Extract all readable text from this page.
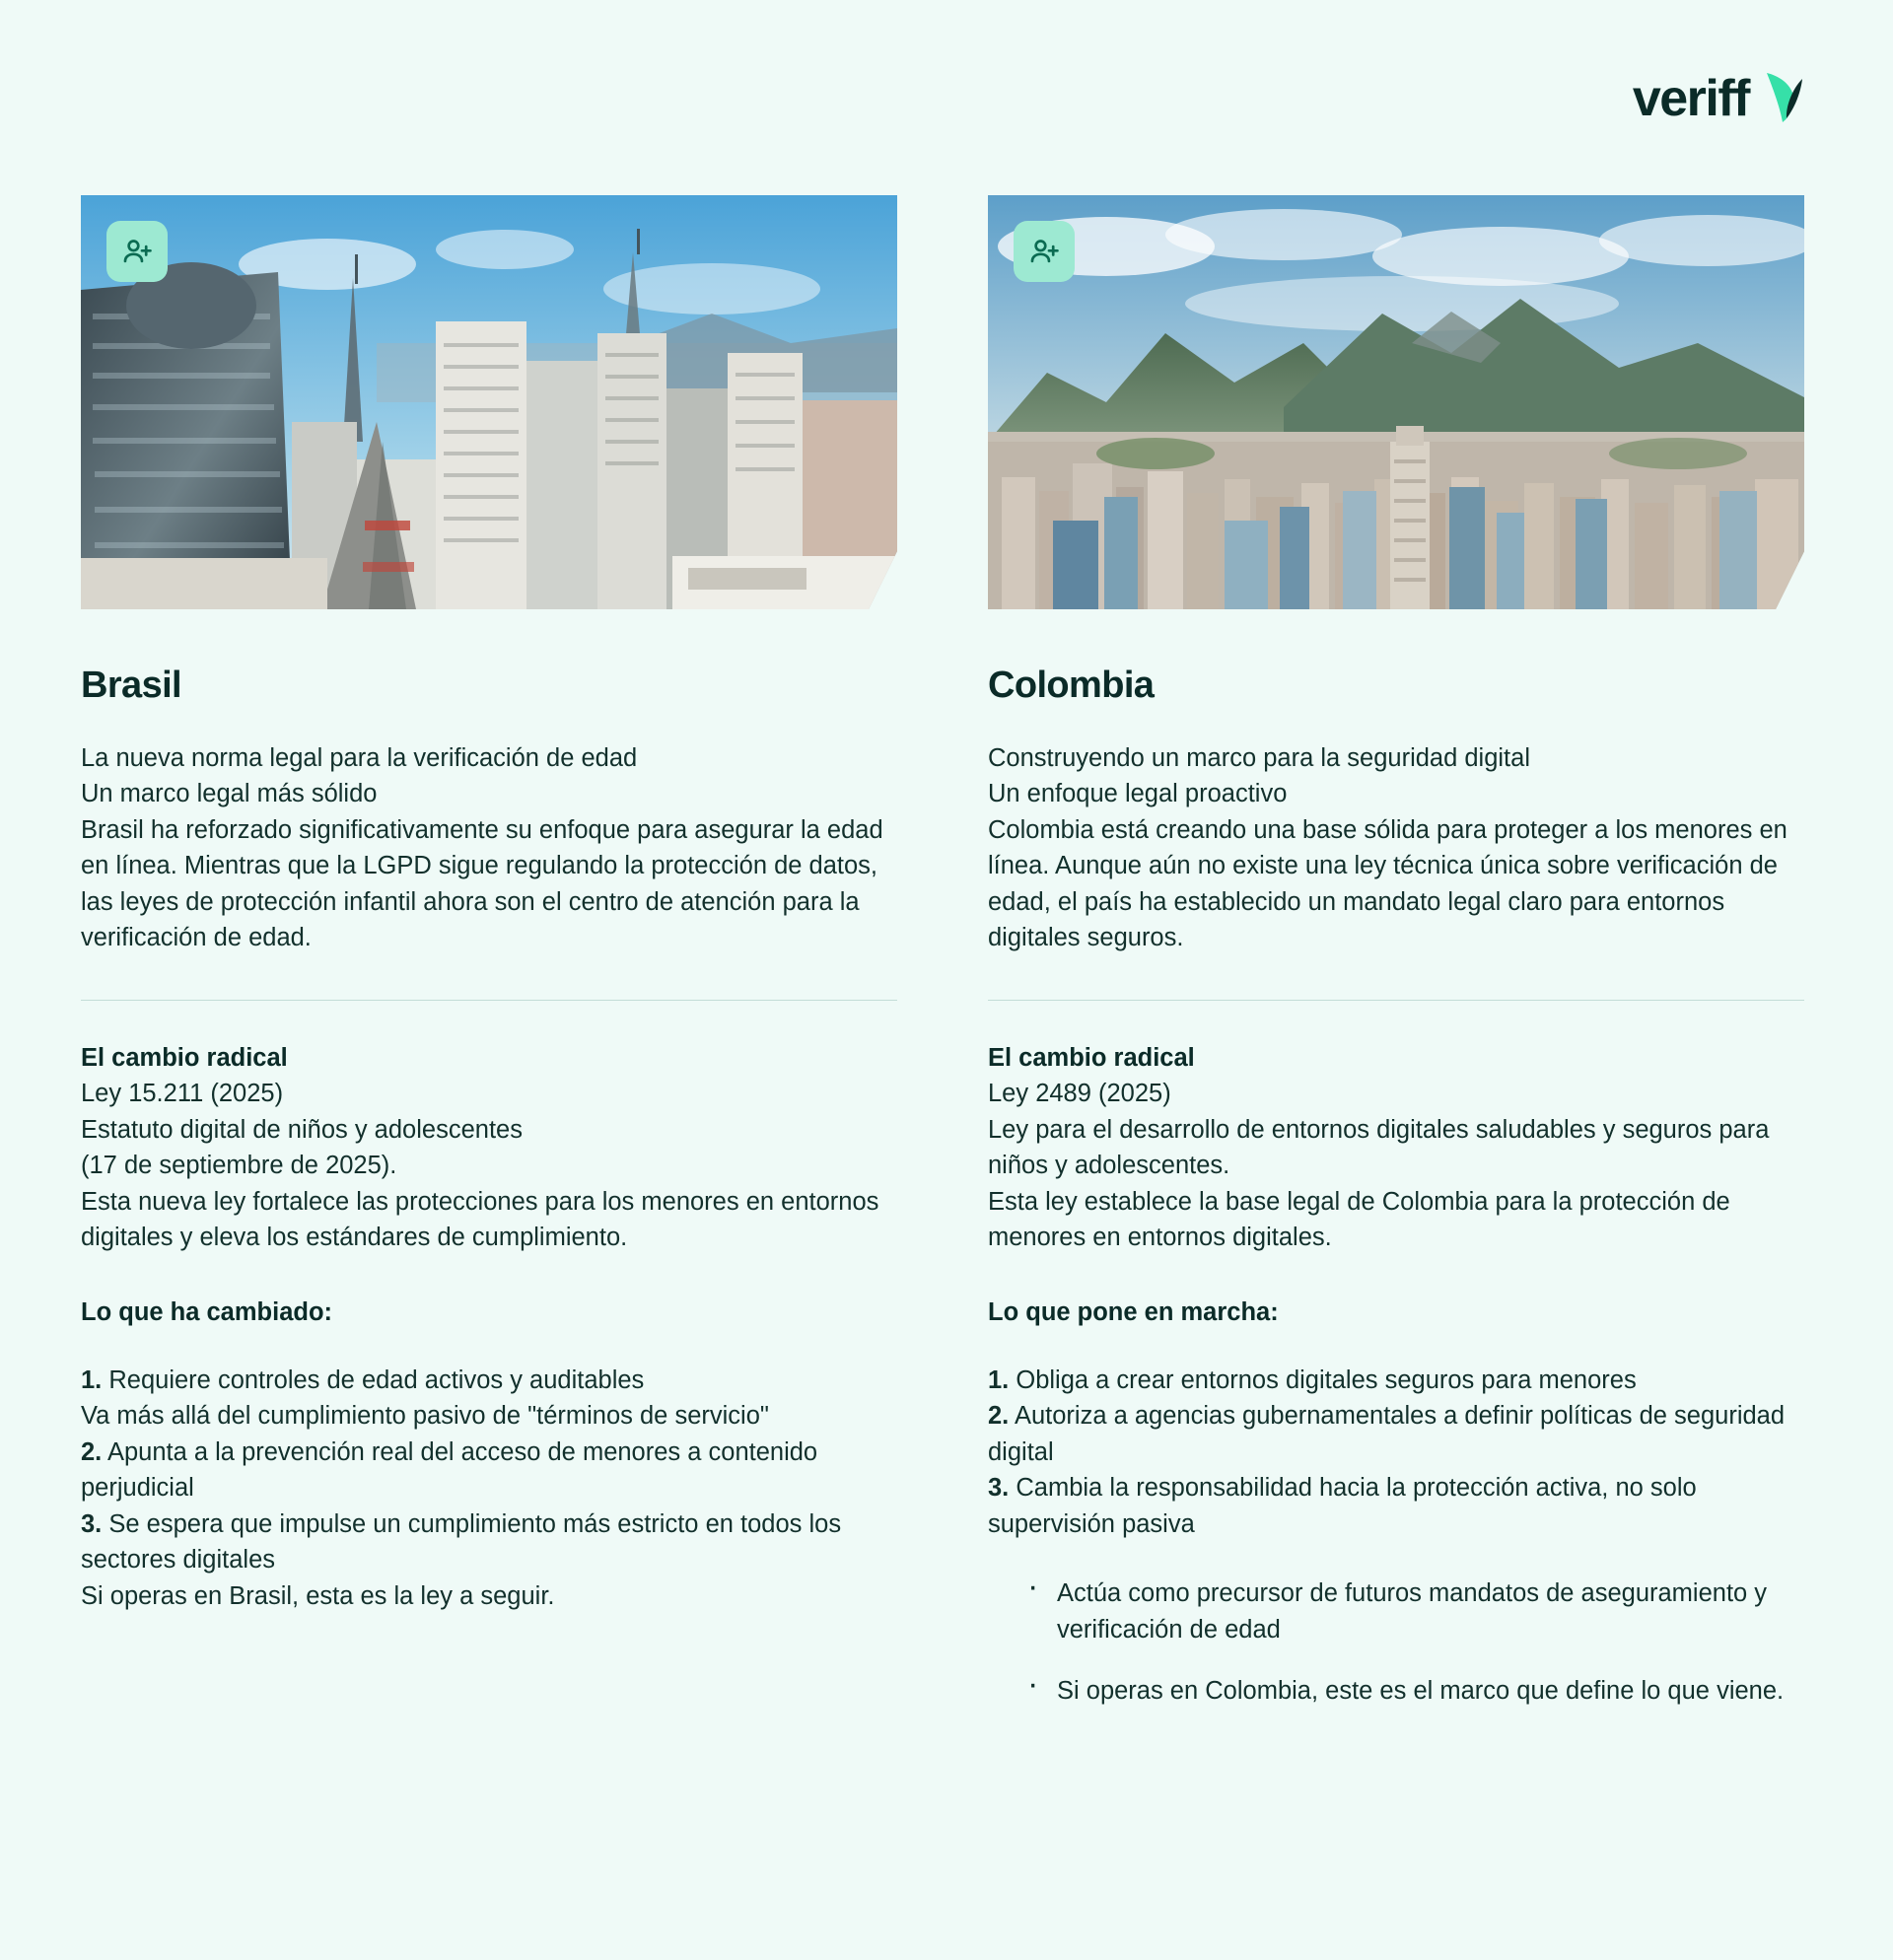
veriff
Brasil

La nueva norma legal para la verificación de edad
Un marco legal más sólido
Brasil ha reforzado significativamente su enfoque para asegurar la edad en línea. Mientras que la LGPD sigue regulando la protección de datos, las leyes de protección infantil ahora son el centro de atención para la verificación de edad.

El cambio radical

Ley 15.211 (2025)
Estatuto digital de niños y adolescentes
(17 de septiembre de 2025).
Esta nueva ley fortalece las protecciones para los menores en entornos digitales y eleva los estándares de cumplimiento.

Lo que ha cambiado:

1. Requiere controles de edad activos y auditables
Va más allá del cumplimiento pasivo de "términos de servicio"
2. Apunta a la prevención real del acceso de menores a contenido perjudicial
3. Se espera que impulse un cumplimiento más estricto en todos los sectores digitales
Si operas en Brasil, esta es la ley a seguir.

Colombia

Construyendo un marco para la seguridad digital
Un enfoque legal proactivo
Colombia está creando una base sólida para proteger a los menores en línea. Aunque aún no existe una ley técnica única sobre verificación de edad, el país ha establecido un mandato legal claro para entornos digitales seguros.

El cambio radical

Ley 2489 (2025)
Ley para el desarrollo de entornos digitales saludables y seguros para niños y adolescentes.
Esta ley establece la base legal de Colombia para la protección de menores en entornos digitales.

Lo que pone en marcha:

1. Obliga a crear entornos digitales seguros para menores
2. Autoriza a agencias gubernamentales a definir políticas de seguridad digital
3. Cambia la responsabilidad hacia la protección activa, no solo supervisión pasiva

· Actúa como precursor de futuros mandatos de aseguramiento y verificación de edad
· Si operas en Colombia, este es el marco que define lo que viene.
